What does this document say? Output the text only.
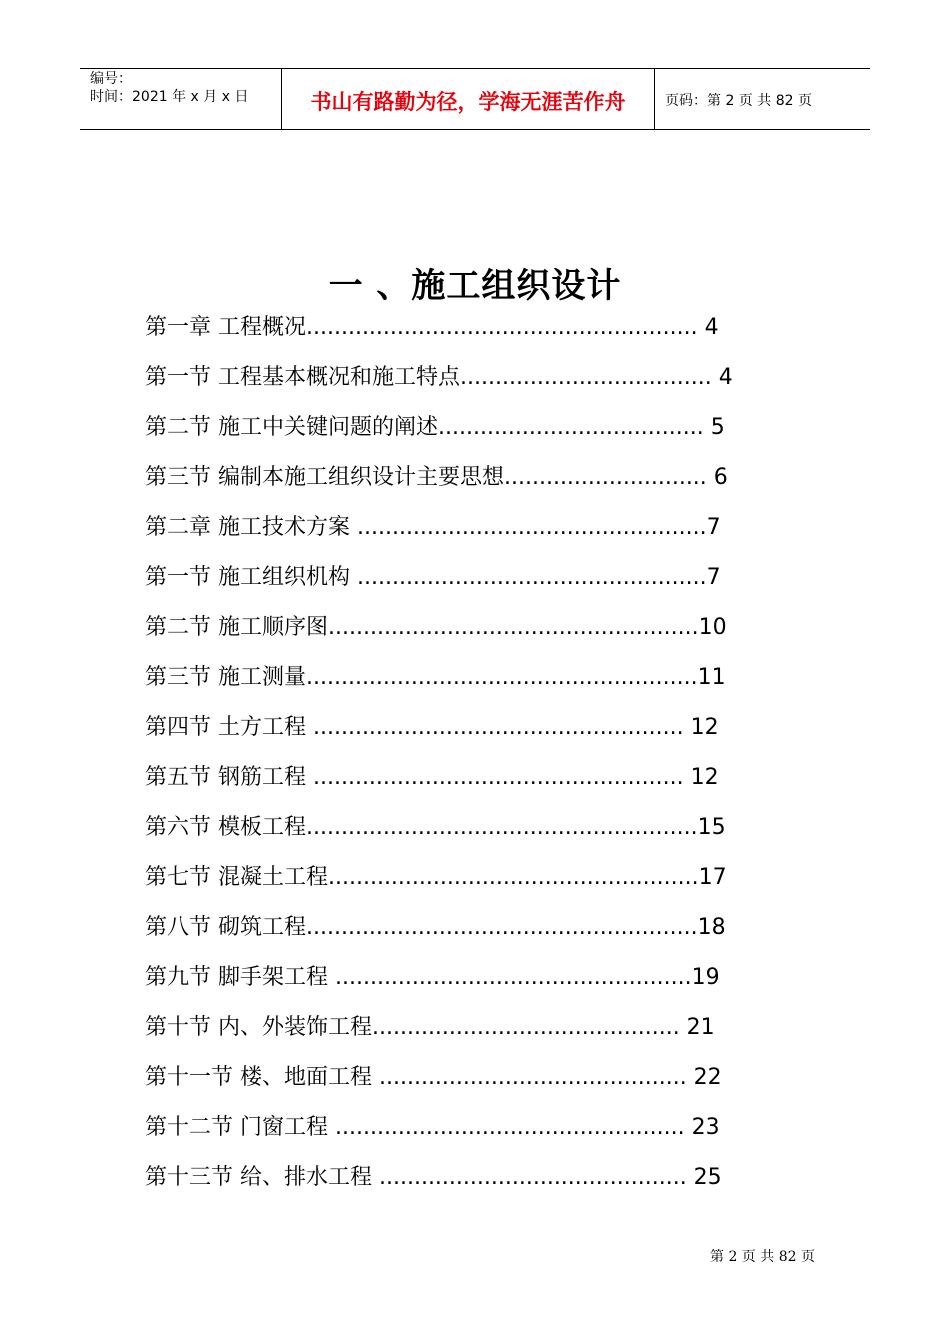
编号：
时间：2021 年 x 月 x 日	书山有路勤为径，学海无涯苦作舟	页码：第 2 页 共 82 页
一 、施工组织设计
第一章 工程概况........................................................ 4
第一节 工程基本概况和施工特点.................................... 4
第二节 施工中关键问题的阐述...................................... 5
第三节 编制本施工组织设计主要思想............................. 6
第二章 施工技术方案 ..................................................7
第一节 施工组织机构 ..................................................7
第二节 施工顺序图.....................................................10
第三节 施工测量........................................................11
第四节 土方工程 ..................................................... 12
第五节 钢筋工程 ..................................................... 12
第六节 模板工程........................................................15
第七节 混凝土工程.....................................................17
第八节 砌筑工程........................................................18
第九节 脚手架工程 ...................................................19
第十节 内、外装饰工程............................................ 21
第十一节 楼、地面工程 ............................................ 22
第十二节 门窗工程 .................................................. 23
第十三节 给、排水工程 ............................................ 25
第 2 页 共 82 页
